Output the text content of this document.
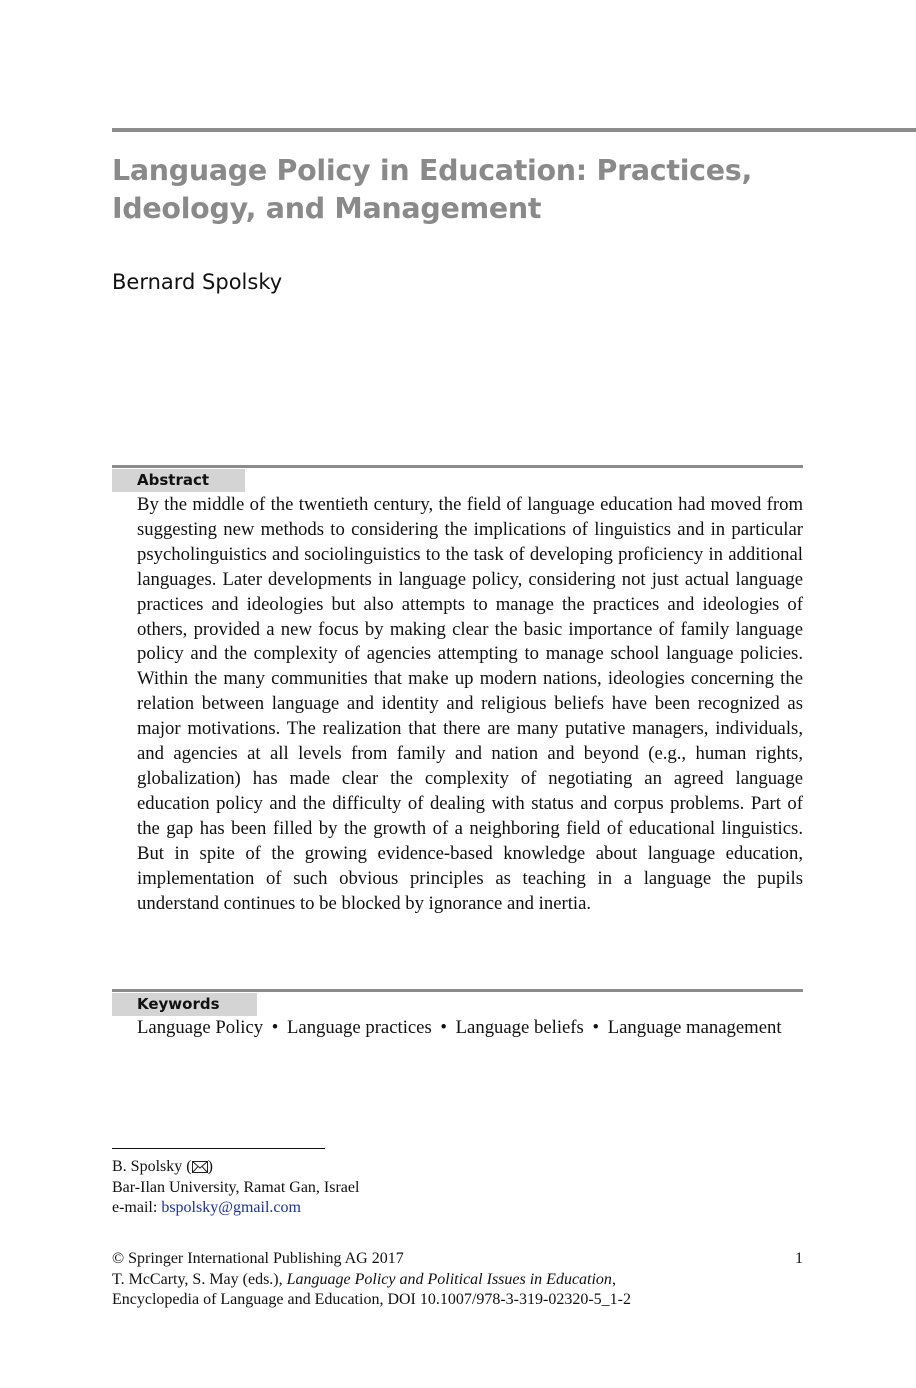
Language Policy in Education: Practices,
Ideology, and Management

Bernard Spolsky

Abstract

By the middle of the twentieth century, the field of language education had moved from suggesting new methods to considering the implications of linguistics and in particular psycholinguistics and sociolinguistics to the task of developing proficiency in additional languages. Later developments in language policy, considering not just actual language practices and ideologies but also attempts to manage the practices and ideologies of others, provided a new focus by making clear the basic importance of family language policy and the complexity of agencies attempting to manage school language policies. Within the many communities that make up modern nations, ideologies concerning the relation between language and identity and religious beliefs have been recognized as major motivations. The realization that there are many putative managers, individuals, and agencies at all levels from family and nation and beyond (e.g., human rights, globalization) has made clear the complexity of negotiating an agreed language education policy and the difficulty of dealing with status and corpus problems. Part of the gap has been filled by the growth of a neighboring field of educational linguistics. But in spite of the growing evidence-based knowledge about language education, implementation of such obvious principles as teaching in a language the pupils understand continues to be blocked by ignorance and inertia.

Keywords

Language Policy • Language practices • Language beliefs • Language management

B. Spolsky ( )

Bar-Ilan University, Ramat Gan, Israel

e-mail: bspolsky@gmail.com

© Springer International Publishing AG 2017	1

T. McCarty, S. May (eds.), Language Policy and Political Issues in Education,

Encyclopedia of Language and Education, DOI 10.1007/978-3-319-02320-5_1-2
